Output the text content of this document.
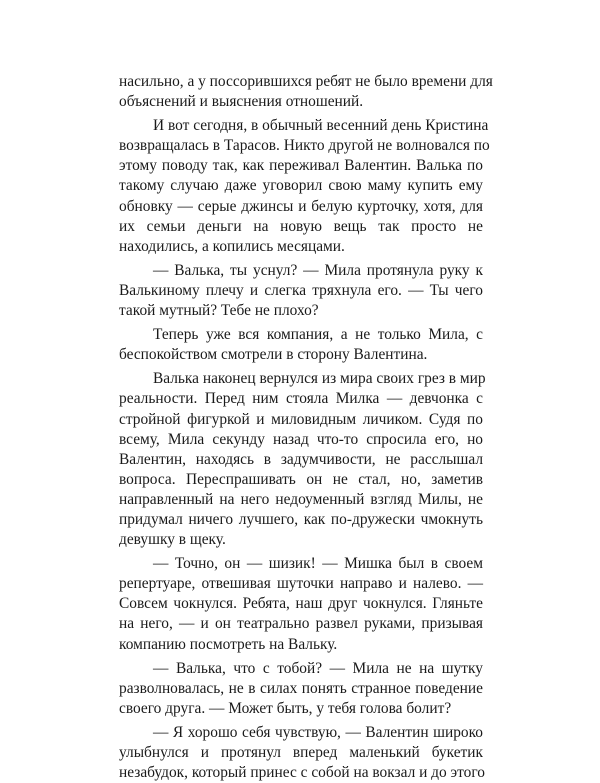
насильно, а у поссорившихся ребят не было времени для
объяснений и выяснения отношений.
И вот сегодня, в обычный весенний день Кристина
возвращалась в Тарасов. Никто другой не волновался по
этому поводу так, как переживал Валентин. Валька по
такому случаю даже уговорил свою маму купить ему
обновку — серые джинсы и белую курточку, хотя, для
их семьи деньги на новую вещь так просто не
находились, а копились месяцами.
— Валька, ты уснул? — Мила протянула руку к
Валькиному плечу и слегка тряхнула его. — Ты чего
такой мутный? Тебе не плохо?
Теперь уже вся компания, а не только Мила, с
беспокойством смотрели в сторону Валентина.
Валька наконец вернулся из мира своих грез в мир
реальности. Перед ним стояла Милка — девчонка с
стройной фигуркой и миловидным личиком. Судя по
всему, Мила секунду назад что-то спросила его, но
Валентин, находясь в задумчивости, не расслышал
вопроса. Переспрашивать он не стал, но, заметив
направленный на него недоуменный взгляд Милы, не
придумал ничего лучшего, как по-дружески чмокнуть
девушку в щеку.
— Точно, он — шизик! — Мишка был в своем
репертуаре, отвешивая шуточки направо и налево. —
Совсем чокнулся. Ребята, наш друг чокнулся. Гляньте
на него, — и он театрально развел руками, призывая
компанию посмотреть на Вальку.
— Валька, что с тобой? — Мила не на шутку
разволновалась, не в силах понять странное поведение
своего друга. — Может быть, у тебя голова болит?
— Я хорошо себя чувствую, — Валентин широко
улыбнулся и протянул вперед маленький букетик
незабудок, который принес с собой на вокзал и до этого
